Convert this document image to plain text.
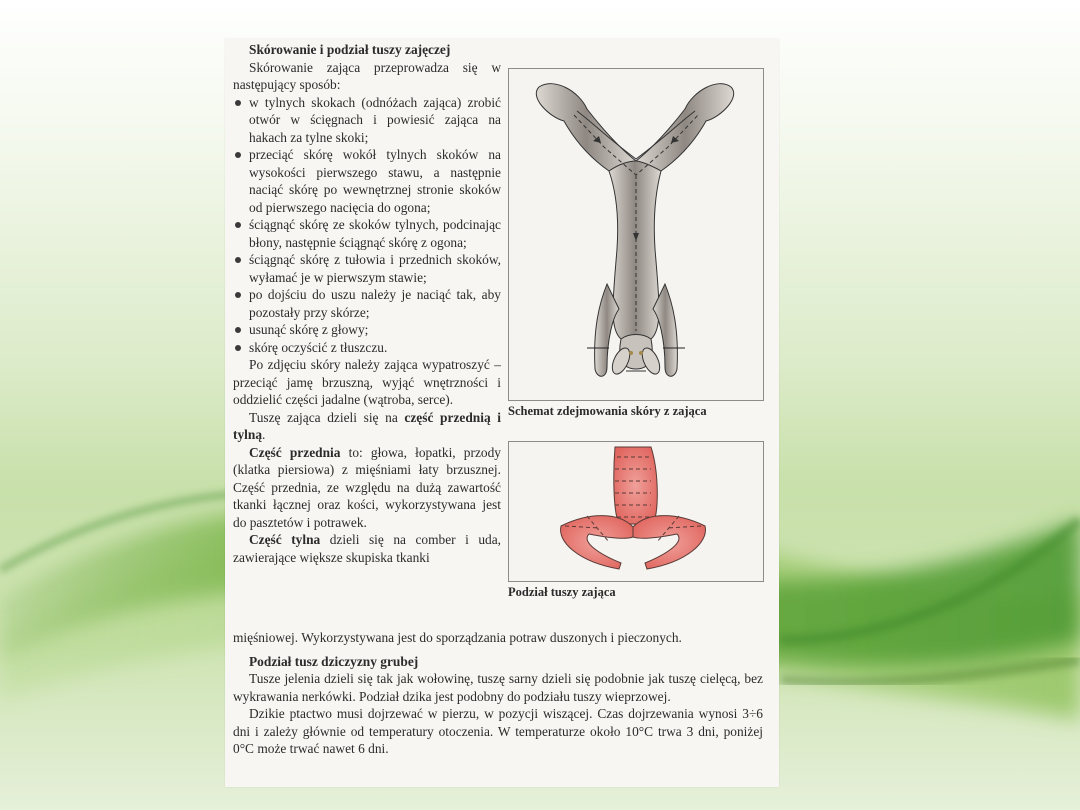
Skórowanie i podział tuszy zajęczej

Skórowanie zająca przeprowadza się w następujący sposób:

w tylnych skokach (odnóżach zająca) zrobić otwór w ścięgnach i powiesić zająca na hakach za tylne skoki;
przeciąć skórę wokół tylnych skoków na wysokości pierwszego stawu, a następnie naciąć skórę po wewnętrznej stronie skoków od pierwszego nacięcia do ogona;
ściągnąć skórę ze skoków tylnych, podcinając błony, następnie ściągnąć skórę z ogona;
ściągnąć skórę z tułowia i przednich skoków, wyłamać je w pierwszym stawie;
po dojściu do uszu należy je naciąć tak, aby pozostały przy skórze;
usunąć skórę z głowy;
skórę oczyścić z tłuszczu.

Po zdjęciu skóry należy zająca wypatroszyć – przeciąć jamę brzuszną, wyjąć wnętrzności i oddzielić części jadalne (wątroba, serce).

Tuszę zająca dzieli się na część przednią i tylną.

Część przednia to: głowa, łopatki, przody (klatka piersiowa) z mięśniami łaty brzusznej. Część przednia, ze względu na dużą zawartość tkanki łącznej oraz kości, wykorzystywana jest do pasztetów i potrawek.

Część tylna dzieli się na comber i uda, zawierające większe skupiska tkanki

Schemat zdejmowania skóry z zająca
Podział tuszy zająca

mięśniowej. Wykorzystywana jest do sporządzania potraw duszonych i pieczonych.

Podział tusz dziczyzny grubej

Tusze jelenia dzieli się tak jak wołowinę, tuszę sarny dzieli się podobnie jak tuszę cielęcą, bez wykrawania nerkówki. Podział dzika jest podobny do podziału tuszy wieprzowej.

Dzikie ptactwo musi dojrzewać w pierzu, w pozycji wiszącej. Czas dojrzewania wynosi 3÷6 dni i zależy głównie od temperatury otoczenia. W temperaturze około 10°C trwa 3 dni, poniżej 0°C może trwać nawet 6 dni.
